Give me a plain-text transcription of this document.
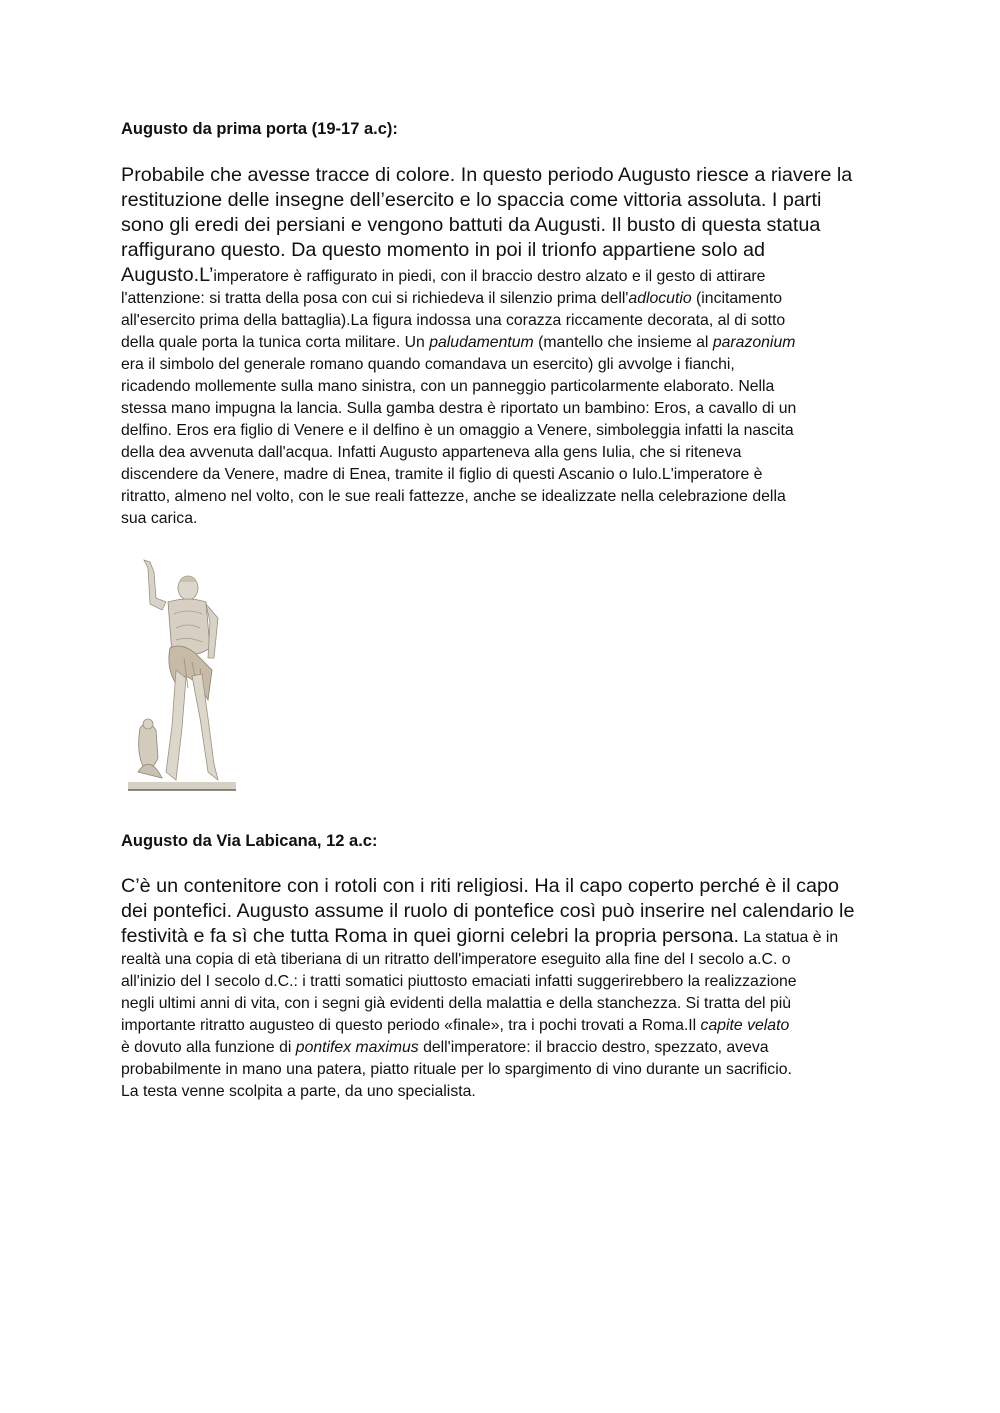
Augusto da prima porta (19-17 a.c):
Probabile che avesse tracce di colore. In questo periodo Augusto riesce a riavere la
restituzione delle insegne dell’esercito e lo spaccia come vittoria assoluta. I parti
sono gli eredi dei persiani e vengono battuti da Augusti. Il busto di questa statua
raffigurano questo. Da questo momento in poi il trionfo appartiene solo ad
Augusto.L’imperatore è raffigurato in piedi, con il braccio destro alzato e il gesto di attirare
l'attenzione: si tratta della posa con cui si richiedeva il silenzio prima dell'adlocutio (incitamento
all'esercito prima della battaglia).La figura indossa una corazza riccamente decorata, al di sotto
della quale porta la tunica corta militare. Un paludamentum (mantello che insieme al parazonium
era il simbolo del generale romano quando comandava un esercito) gli avvolge i fianchi,
ricadendo mollemente sulla mano sinistra, con un panneggio particolarmente elaborato. Nella
stessa mano impugna la lancia. Sulla gamba destra è riportato un bambino: Eros, a cavallo di un
delfino. Eros era figlio di Venere e il delfino è un omaggio a Venere, simboleggia infatti la nascita
della dea avvenuta dall'acqua. Infatti Augusto apparteneva alla gens Iulia, che si riteneva
discendere da Venere, madre di Enea, tramite il figlio di questi Ascanio o Iulo.L'imperatore è
ritratto, almeno nel volto, con le sue reali fattezze, anche se idealizzate nella celebrazione della
sua carica.
Augusto da Via Labicana, 12 a.c:
C’è un contenitore con i rotoli con i riti religiosi. Ha il capo coperto perché è il capo
dei pontefici. Augusto assume il ruolo di pontefice così può inserire nel calendario le
festività e fa sì che tutta Roma in quei giorni celebri la propria persona. La statua è in
realtà una copia di età tiberiana di un ritratto dell'imperatore eseguito alla fine del I secolo a.C. o
all'inizio del I secolo d.C.: i tratti somatici piuttosto emaciati infatti suggerirebbero la realizzazione
negli ultimi anni di vita, con i segni già evidenti della malattia e della stanchezza. Si tratta del più
importante ritratto augusteo di questo periodo «finale», tra i pochi trovati a Roma.Il capite velato
è dovuto alla funzione di pontifex maximus dell'imperatore: il braccio destro, spezzato, aveva
probabilmente in mano una patera, piatto rituale per lo spargimento di vino durante un sacrificio.
La testa venne scolpita a parte, da uno specialista.
